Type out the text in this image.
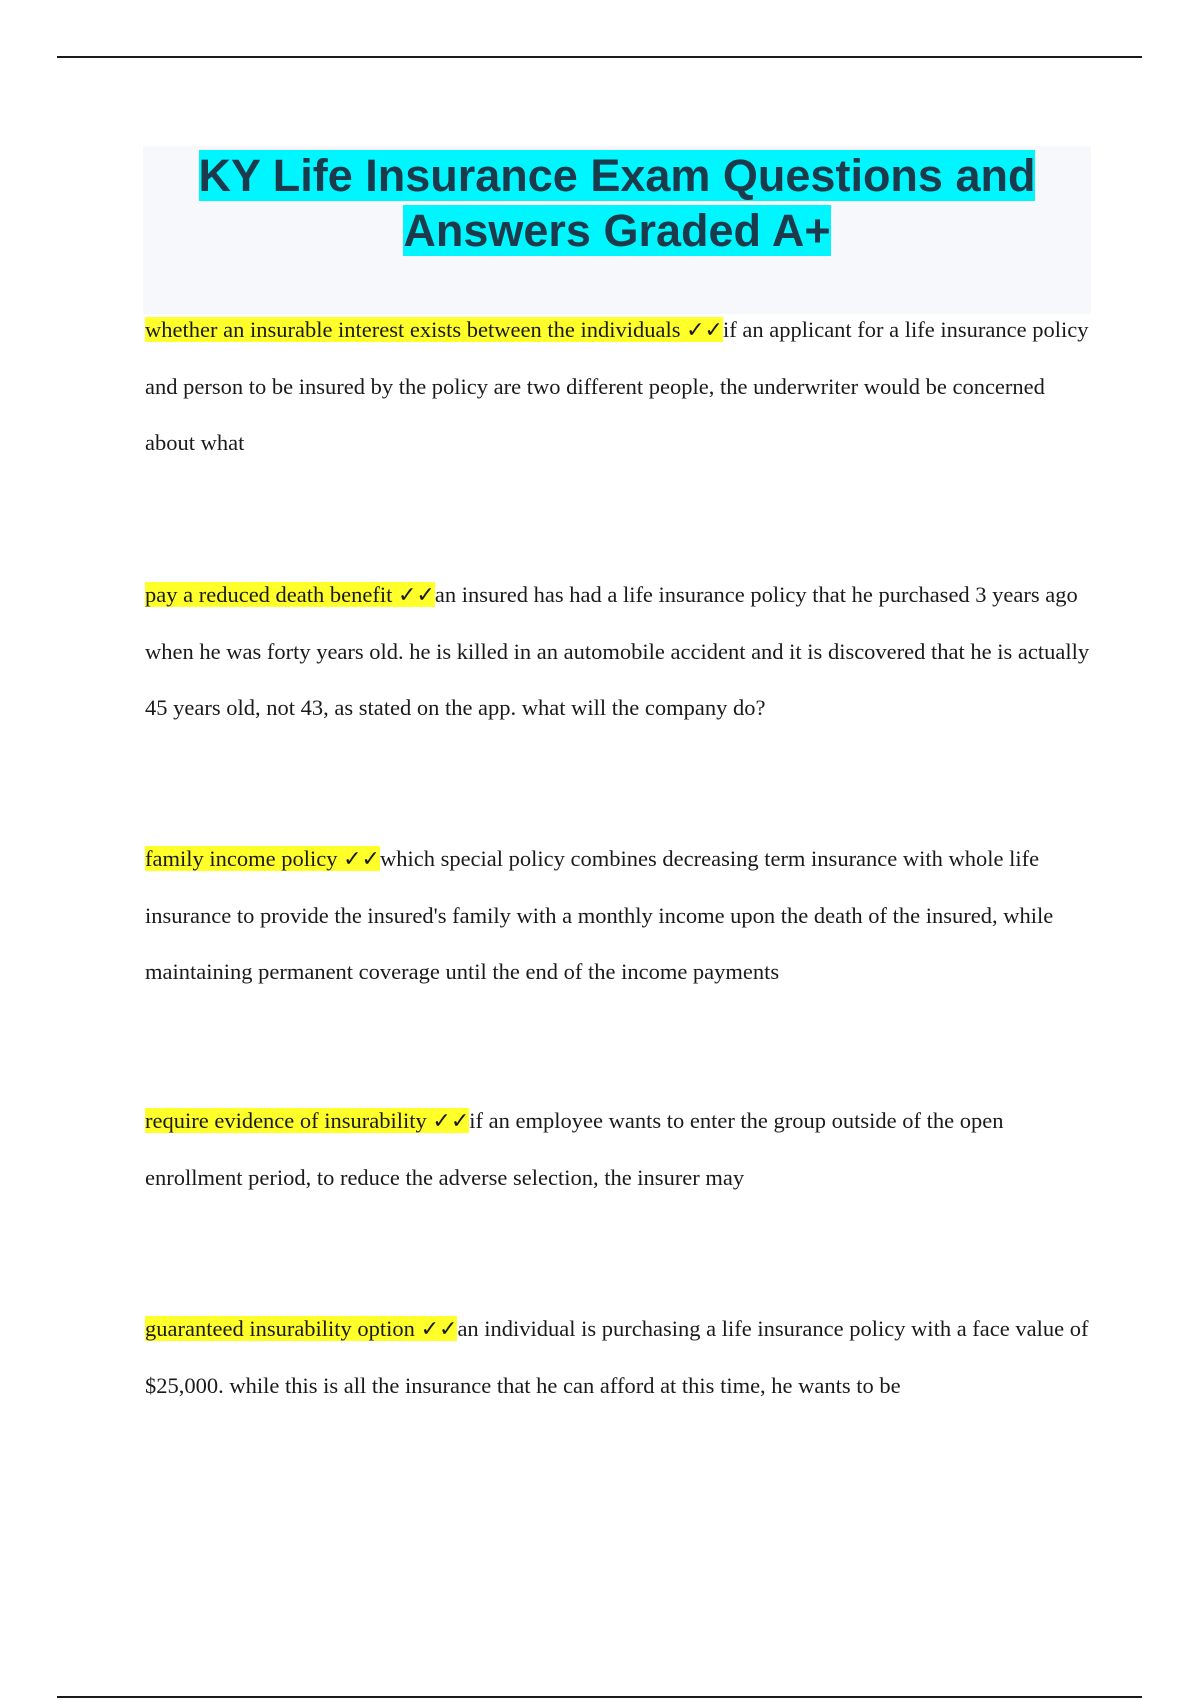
KY Life Insurance Exam Questions and Answers Graded A+

whether an insurable interest exists between the individuals ✓✓if an applicant for a life insurance policy and person to be insured by the policy are two different people, the underwriter would be concerned about what

pay a reduced death benefit ✓✓an insured has had a life insurance policy that he purchased 3 years ago when he was forty years old. he is killed in an automobile accident and it is discovered that he is actually 45 years old, not 43, as stated on the app. what will the company do?

family income policy ✓✓which special policy combines decreasing term insurance with whole life insurance to provide the insured's family with a monthly income upon the death of the insured, while maintaining permanent coverage until the end of the income payments

require evidence of insurability ✓✓if an employee wants to enter the group outside of the open enrollment period, to reduce the adverse selection, the insurer may

guaranteed insurability option ✓✓an individual is purchasing a life insurance policy with a face value of $25,000. while this is all the insurance that he can afford at this time, he wants to be
